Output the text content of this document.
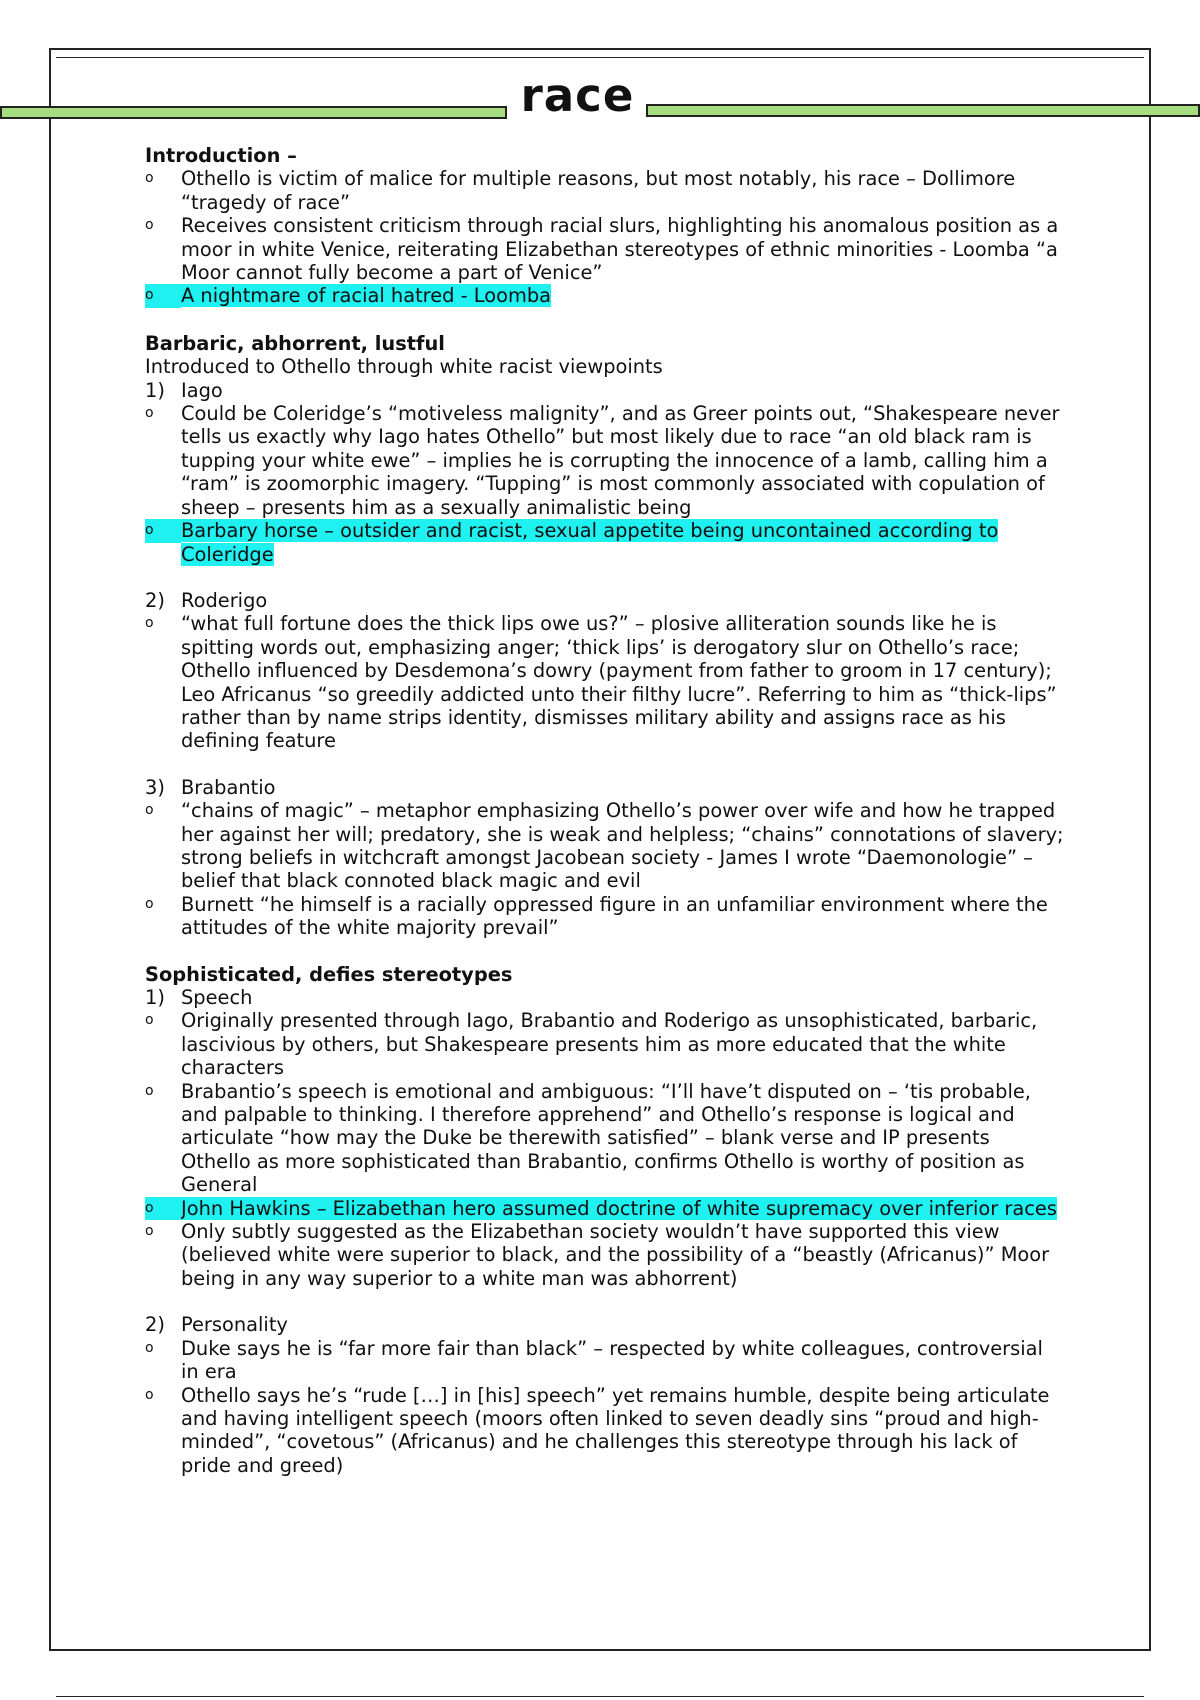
race
Introduction –
o	Othello is victim of malice for multiple reasons, but most notably, his race – Dollimore “tragedy of race”
o	Receives consistent criticism through racial slurs, highlighting his anomalous position as a moor in white Venice, reiterating Elizabethan stereotypes of ethnic minorities - Loomba “a Moor cannot fully become a part of Venice”
o	A nightmare of racial hatred - Loomba
Barbaric, abhorrent, lustful
Introduced to Othello through white racist viewpoints
1) Iago
o	Could be Coleridge’s “motiveless malignity”, and as Greer points out, “Shakespeare never tells us exactly why Iago hates Othello” but most likely due to race “an old black ram is tupping your white ewe” – implies he is corrupting the innocence of a lamb, calling him a “ram” is zoomorphic imagery. “Tupping” is most commonly associated with copulation of sheep – presents him as a sexually animalistic being
o	Barbary horse – outsider and racist, sexual appetite being uncontained according to Coleridge
2) Roderigo
o	“what full fortune does the thick lips owe us?” – plosive alliteration sounds like he is spitting words out, emphasizing anger; ‘thick lips’ is derogatory slur on Othello’s race; Othello influenced by Desdemona’s dowry (payment from father to groom in 17 century); Leo Africanus “so greedily addicted unto their filthy lucre”. Referring to him as “thick-lips” rather than by name strips identity, dismisses military ability and assigns race as his defining feature
3) Brabantio
o	“chains of magic” – metaphor emphasizing Othello’s power over wife and how he trapped her against her will; predatory, she is weak and helpless; “chains” connotations of slavery; strong beliefs in witchcraft amongst Jacobean society - James I wrote “Daemonologie” – belief that black connoted black magic and evil
o	Burnett “he himself is a racially oppressed figure in an unfamiliar environment where the attitudes of the white majority prevail”
Sophisticated, defies stereotypes
1) Speech
o	Originally presented through Iago, Brabantio and Roderigo as unsophisticated, barbaric, lascivious by others, but Shakespeare presents him as more educated that the white characters
o	Brabantio’s speech is emotional and ambiguous: “I’ll have’t disputed on – ‘tis probable, and palpable to thinking. I therefore apprehend” and Othello’s response is logical and articulate “how may the Duke be therewith satisfied” – blank verse and IP presents Othello as more sophisticated than Brabantio, confirms Othello is worthy of position as General
o	John Hawkins – Elizabethan hero assumed doctrine of white supremacy over inferior races
o	Only subtly suggested as the Elizabethan society wouldn’t have supported this view (believed white were superior to black, and the possibility of a “beastly (Africanus)” Moor being in any way superior to a white man was abhorrent)
2) Personality
o	Duke says he is “far more fair than black” – respected by white colleagues, controversial in era
o	Othello says he’s “rude […] in [his] speech” yet remains humble, despite being articulate and having intelligent speech (moors often linked to seven deadly sins “proud and high-minded”, “covetous” (Africanus) and he challenges this stereotype through his lack of pride and greed)
